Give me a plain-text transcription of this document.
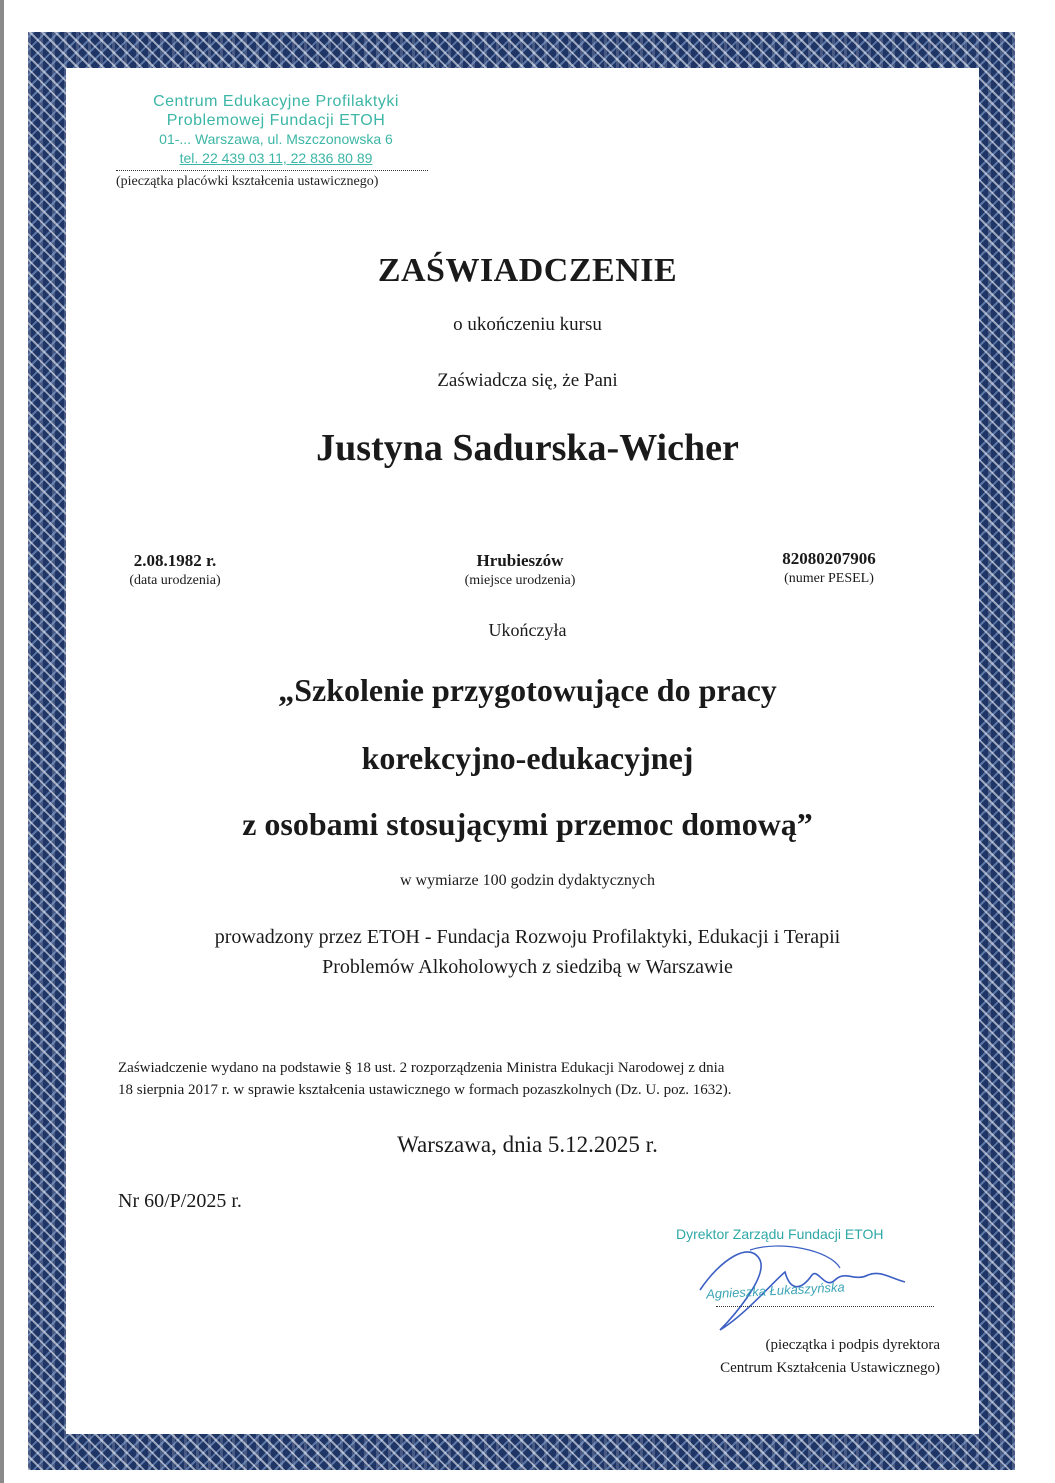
Centrum Edukacyjne Profilaktyki
Problemowej Fundacji ETOH
01-... Warszawa, ul. Mszczonowska 6
tel. 22 439 03 11, 22 836 80 89
(pieczątka placówki kształcenia ustawicznego)
ZAŚWIADCZENIE
o ukończeniu kursu
Zaświadcza się, że Pani
Justyna Sadurska-Wicher
2.08.1982 r.
(data urodzenia)
Hrubieszów
(miejsce urodzenia)
82080207906
(numer PESEL)
Ukończyła
„Szkolenie przygotowujące do pracy
korekcyjno-edukacyjnej
z osobami stosującymi przemoc domową”
w wymiarze 100 godzin dydaktycznych
prowadzony przez ETOH - Fundacja Rozwoju Profilaktyki, Edukacji i Terapii
Problemów Alkoholowych z siedzibą w Warszawie
Zaświadczenie wydano na podstawie § 18 ust. 2 rozporządzenia Ministra Edukacji Narodowej z dnia
18 sierpnia 2017 r. w sprawie kształcenia ustawicznego w formach pozaszkolnych (Dz. U. poz. 1632).
Warszawa, dnia 5.12.2025 r.
Nr 60/P/2025 r.
Dyrektor Zarządu Fundacji ETOH
Agnieszka Łukaszyńska
(pieczątka i podpis dyrektora
Centrum Kształcenia Ustawicznego)
